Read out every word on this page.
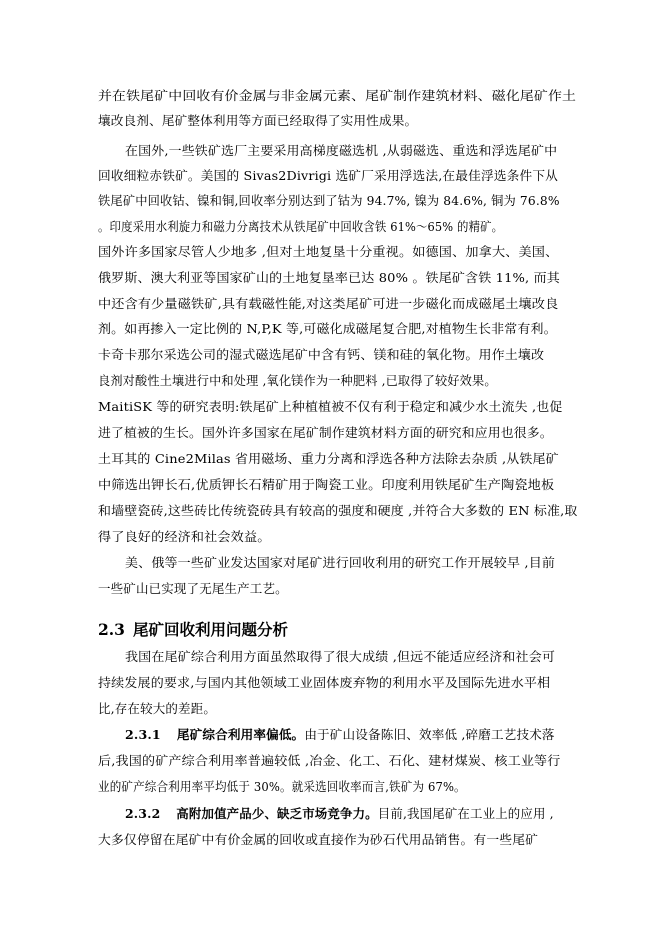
并在铁尾矿中回收有价金属与非金属元素、尾矿制作建筑材料、磁化尾矿作土
壤改良剂、尾矿整体利用等方面已经取得了实用性成果。
在国外,一些铁矿选厂主要采用高梯度磁选机 ,从弱磁选、重选和浮选尾矿中
回收细粒赤铁矿。美国的 Sivas2Divrigi 选矿厂采用浮选法,在最佳浮选条件下从
铁尾矿中回收钴、镍和铜,回收率分别达到了钴为 94.7%, 镍为 84.6%, 铜为 76.8%
。印度采用水利旋力和磁力分离技术从铁尾矿中回收含铁 61%～65% 的精矿。
国外许多国家尽管人少地多 ,但对土地复垦十分重视。如德国、加拿大、美国、
俄罗斯、澳大利亚等国家矿山的土地复垦率已达 80% 。铁尾矿含铁 11%, 而其
中还含有少量磁铁矿,具有载磁性能,对这类尾矿可进一步磁化而成磁尾土壤改良
剂。如再掺入一定比例的 N,P,K 等,可磁化成磁尾复合肥,对植物生长非常有利。
卡奇卡那尔采选公司的湿式磁选尾矿中含有钙、镁和硅的氧化物。用作土壤改
良剂对酸性土壤进行中和处理 ,氧化镁作为一种肥料 ,已取得了较好效果。
MaitiSK 等的研究表明:铁尾矿上种植植被不仅有利于稳定和减少水土流失 ,也促
进了植被的生长。国外许多国家在尾矿制作建筑材料方面的研究和应用也很多。
土耳其的 Cine2Milas 省用磁场、重力分离和浮选各种方法除去杂质 ,从铁尾矿
中筛选出钾长石,优质钾长石精矿用于陶瓷工业。印度利用铁尾矿生产陶瓷地板
和墙壁瓷砖,这些砖比传统瓷砖具有较高的强度和硬度 ,并符合大多数的 EN 标准,取
得了良好的经济和社会效益。
美、俄等一些矿业发达国家对尾矿进行回收利用的研究工作开展较早 ,目前
一些矿山已实现了无尾生产工艺。
2.3 尾矿回收利用问题分析
我国在尾矿综合利用方面虽然取得了很大成绩 ,但远不能适应经济和社会可
持续发展的要求,与国内其他领域工业固体废弃物的利用水平及国际先进水平相
比,存在较大的差距。
2.3.1 尾矿综合利用率偏低。由于矿山设备陈旧、效率低 ,碎磨工艺技术落
后,我国的矿产综合利用率普遍较低 ,冶金、化工、石化、建材煤炭、核工业等行
业的矿产综合利用率平均低于 30%。就采选回收率而言,铁矿为 67%。
2.3.2 高附加值产品少、缺乏市场竞争力。目前,我国尾矿在工业上的应用 ,
大多仅停留在尾矿中有价金属的回收或直接作为砂石代用品销售。有一些尾矿
